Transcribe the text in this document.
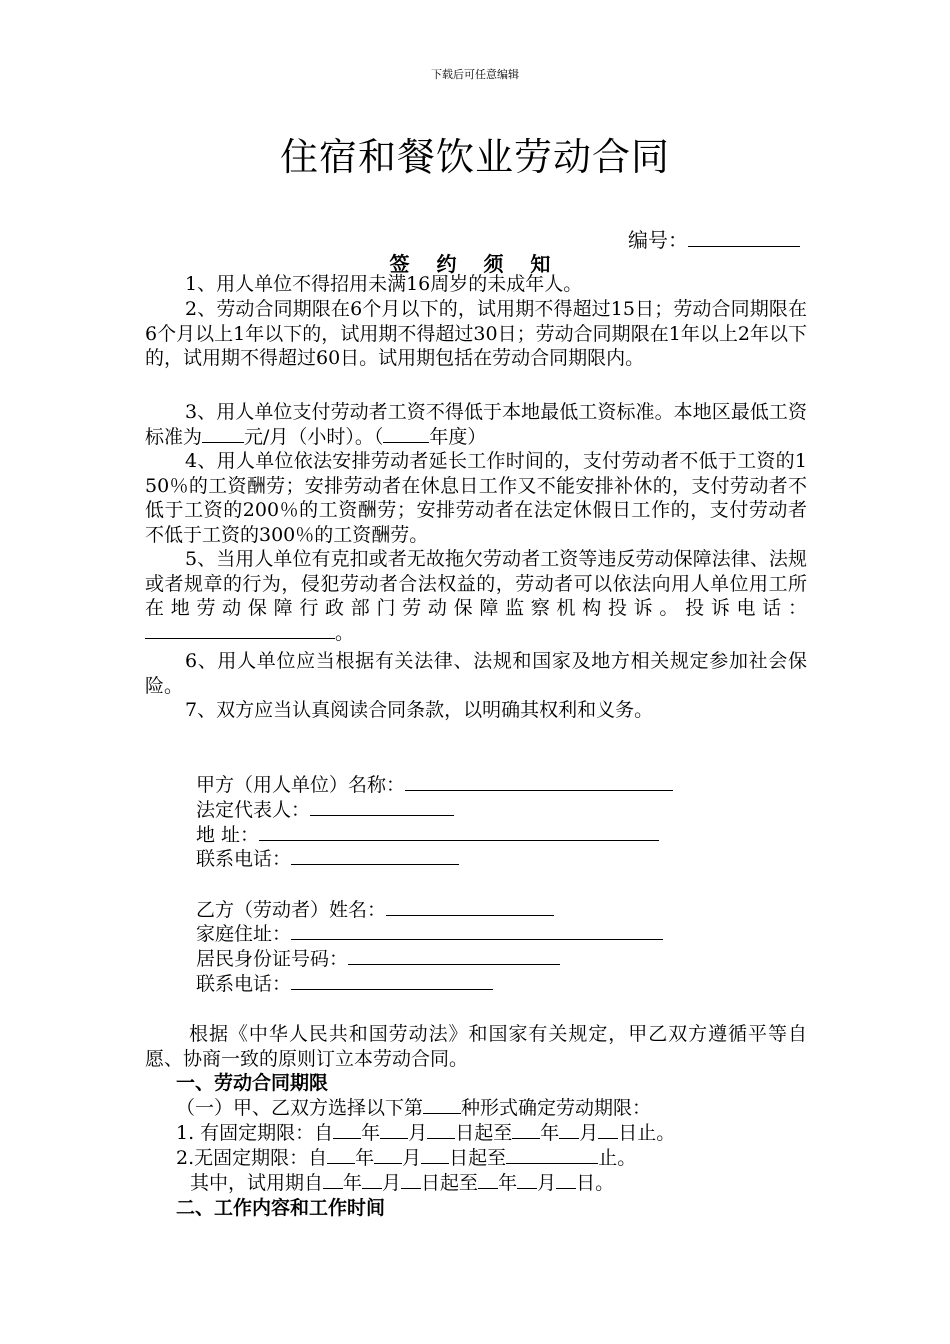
下载后可任意编辑
住宿和餐饮业劳动合同
编号：
签 约 须 知
1、用人单位不得招用未满16周岁的未成年人。
2、劳动合同期限在6个月以下的，试用期不得超过15日；劳动合同期限在6个月以上1年以下的，试用期不得超过30日；劳动合同期限在1年以上2年以下的，试用期不得超过60日。试用期包括在劳动合同期限内。
3、用人单位支付劳动者工资不得低于本地最低工资标准。本地区最低工资标准为 元/月（小时）。（ 年度）
4、用人单位依法安排劳动者延长工作时间的，支付劳动者不低于工资的150％的工资酬劳；安排劳动者在休息日工作又不能安排补休的，支付劳动者不低于工资的200％的工资酬劳；安排劳动者在法定休假日工作的，支付劳动者不低于工资的300％的工资酬劳。
5、当用人单位有克扣或者无故拖欠劳动者工资等违反劳动保障法律、法规或者规章的行为，侵犯劳动者合法权益的，劳动者可以依法向用人单位用工所在地劳动保障行政部门劳动保障监察机构投诉。投诉电话：。
6、用人单位应当根据有关法律、法规和国家及地方相关规定参加社会保险。
7、双方应当认真阅读合同条款，以明确其权利和义务。
甲方（用人单位）名称：
法定代表人：
地 址：
联系电话：
乙方（劳动者）姓名：
家庭住址：
居民身份证号码：
联系电话：
根据《中华人民共和国劳动法》和国家有关规定，甲乙双方遵循平等自愿、协商一致的原则订立本劳动合同。
一、劳动合同期限
（一）甲、乙双方选择以下第 种形式确定劳动期限：
1. 有固定期限：自 年 月 日起至 年 月 日止。
2.无固定期限：自 年 月 日起至	止。
其中，试用期自 年 月 日起至 年 月 日。
二、工作内容和工作时间
